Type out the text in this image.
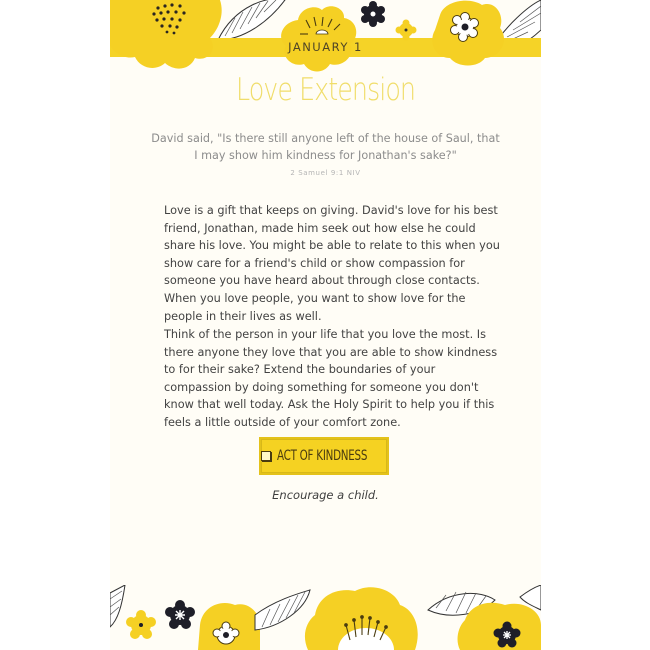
JANUARY 1
Love Extension
David said, "Is there still anyone left of the house of Saul, that I may show him kindness for Jonathan's sake?"
2 Samuel 9:1 NIV
Love is a gift that keeps on giving. David's love for his best friend, Jonathan, made him seek out how else he could share his love. You might be able to relate to this when you show care for a friend's child or show compassion for someone you have heard about through close contacts. When you love people, you want to show love for the people in their lives as well.
Think of the person in your life that you love the most. Is there anyone they love that you are able to show kindness to for their sake? Extend the boundaries of your compassion by doing something for someone you don't know that well today. Ask the Holy Spirit to help you if this feels a little outside of your comfort zone.
ACT OF KINDNESS
Encourage a child.
